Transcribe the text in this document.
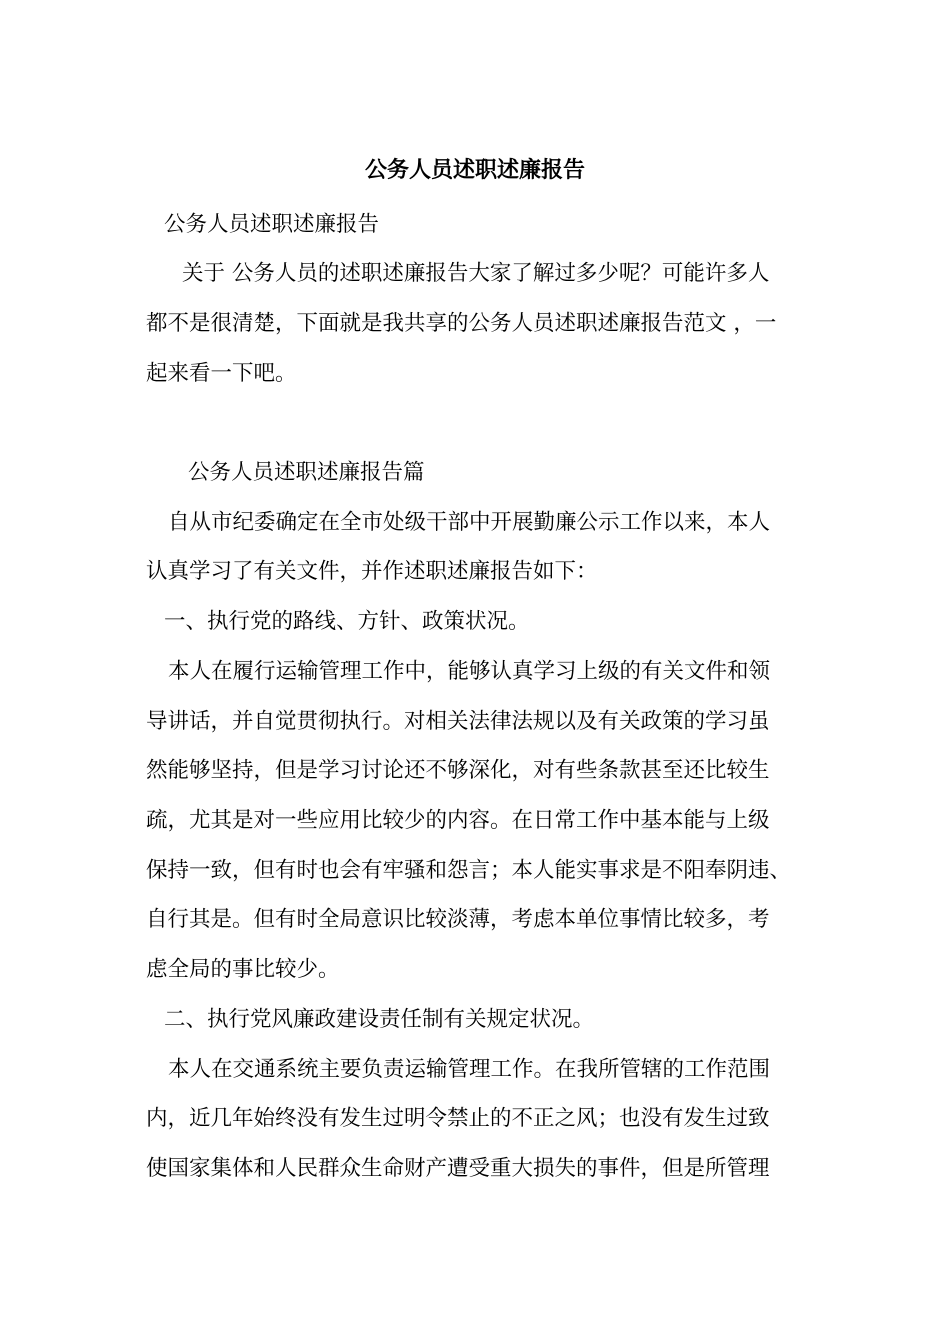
公务人员述职述廉报告
公务人员述职述廉报告
关于 公务人员的述职述廉报告大家了解过多少呢？可能许多人
都不是很清楚，下面就是我共享的公务人员述职述廉报告范文 ，一
起来看一下吧。
公务人员述职述廉报告篇
自从市纪委确定在全市处级干部中开展勤廉公示工作以来，本人
认真学习了有关文件，并作述职述廉报告如下：
一、执行党的路线、方针、政策状况。
本人在履行运输管理工作中，能够认真学习上级的有关文件和领
导讲话，并自觉贯彻执行。对相关法律法规以及有关政策的学习虽
然能够坚持，但是学习讨论还不够深化，对有些条款甚至还比较生
疏，尤其是对一些应用比较少的内容。在日常工作中基本能与上级
保持一致，但有时也会有牢骚和怨言；本人能实事求是不阳奉阴违、
自行其是。但有时全局意识比较淡薄，考虑本单位事情比较多，考
虑全局的事比较少。
二、执行党风廉政建设责任制有关规定状况。
本人在交通系统主要负责运输管理工作。在我所管辖的工作范围
内，近几年始终没有发生过明令禁止的不正之风；也没有发生过致
使国家集体和人民群众生命财产遭受重大损失的事件，但是所管理
